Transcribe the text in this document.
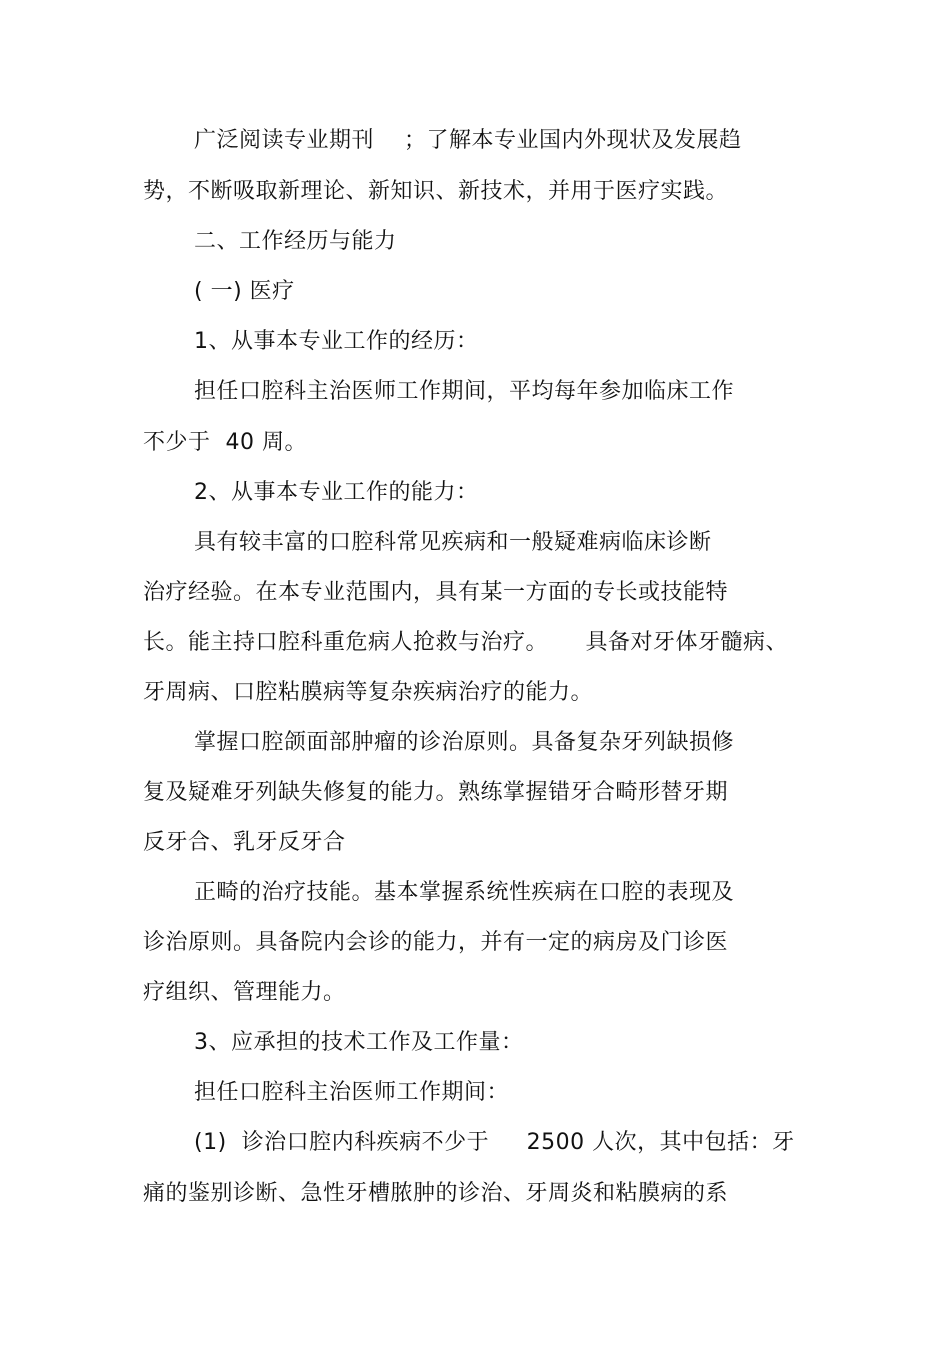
广泛阅读专业期刊    ；了解本专业国内外现状及发展趋
势，不断吸取新理论、新知识、新技术，并用于医疗实践。
二、工作经历与能力
( 一) 医疗
1、从事本专业工作的经历：
担任口腔科主治医师工作期间，平均每年参加临床工作
不少于  40 周。
2、从事本专业工作的能力：
具有较丰富的口腔科常见疾病和一般疑难病临床诊断
治疗经验。在本专业范围内，具有某一方面的专长或技能特
长。能主持口腔科重危病人抢救与治疗。     具备对牙体牙髓病、
牙周病、口腔粘膜病等复杂疾病治疗的能力。
掌握口腔颌面部肿瘤的诊治原则。具备复杂牙列缺损修
复及疑难牙列缺失修复的能力。熟练掌握错牙合畸形替牙期
反牙合、乳牙反牙合
正畸的治疗技能。基本掌握系统性疾病在口腔的表现及
诊治原则。具备院内会诊的能力，并有一定的病房及门诊医
疗组织、管理能力。
3、应承担的技术工作及工作量：
担任口腔科主治医师工作期间：
(1)  诊治口腔内科疾病不少于     2500 人次，其中包括：牙
痛的鉴别诊断、急性牙槽脓肿的诊治、牙周炎和粘膜病的系
